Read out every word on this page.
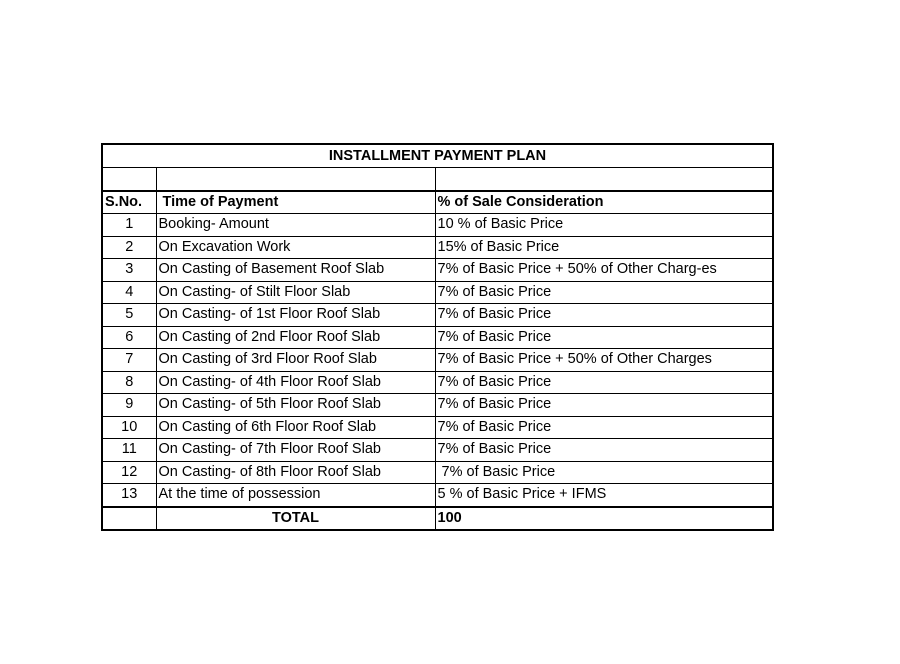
INSTALLMENT PAYMENT PLAN		

S.No.	Time of Payment	% of Sale Consideration
1	Booking- Amount	10 % of Basic Price
2	On Excavation Work	15% of Basic Price
3	On Casting of Basement Roof Slab	7% of Basic Price + 50% of Other Charg-es
4	On Casting- of Stilt Floor Slab	7% of Basic Price
5	On Casting- of 1st Floor Roof Slab	7% of Basic Price
6	On Casting of 2nd Floor Roof Slab	7% of Basic Price
7	On Casting of 3rd Floor Roof Slab	7% of Basic Price + 50% of Other Charges
8	On Casting- of 4th Floor Roof Slab	7% of Basic Price
9	On Casting- of 5th Floor Roof Slab	7% of Basic Price
10	On Casting of 6th Floor Roof Slab	7% of Basic Price
11	On Casting- of 7th Floor Roof Slab	7% of Basic Price
12	On Casting- of 8th Floor Roof Slab	7% of Basic Price
13	At the time of possession	5 % of Basic Price + IFMS
	TOTAL	100
